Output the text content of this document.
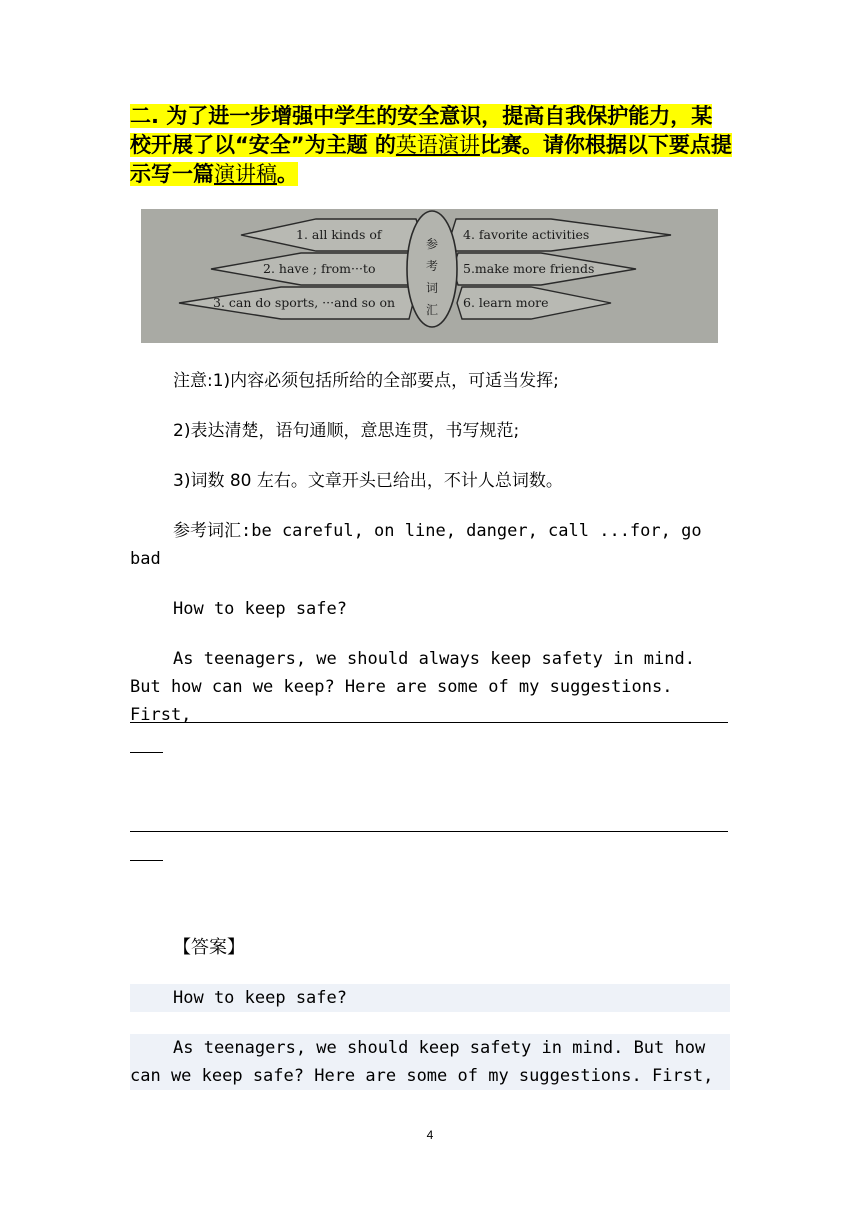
二. 为了进一步增强中学生的安全意识，提高自我保护能力，某校开展了以“安全”为主题 的英语演讲比赛。请你根据以下要点提示写一篇演讲稿。

参
考
词
汇
1. all kinds of
2. have ; from···to
3. can do sports, ···and so on
4. favorite activities
5.make more friends
6. learn more

注意:1)内容必须包括所给的全部要点，可适当发挥;

2)表达清楚，语句通顺，意思连贯，书写规范;

3)词数 80 左右。文章开头已给出，不计人总词数。

参考词汇:be careful, on line, danger, call ...for, go bad

How to keep safe?

As teenagers, we should always keep safety in mind. But how can we keep? Here are some of my suggestions. First,

【答案】

How to keep safe?

As teenagers, we should keep safety in mind. But how can we keep safe? Here are some of my suggestions. First,

4
